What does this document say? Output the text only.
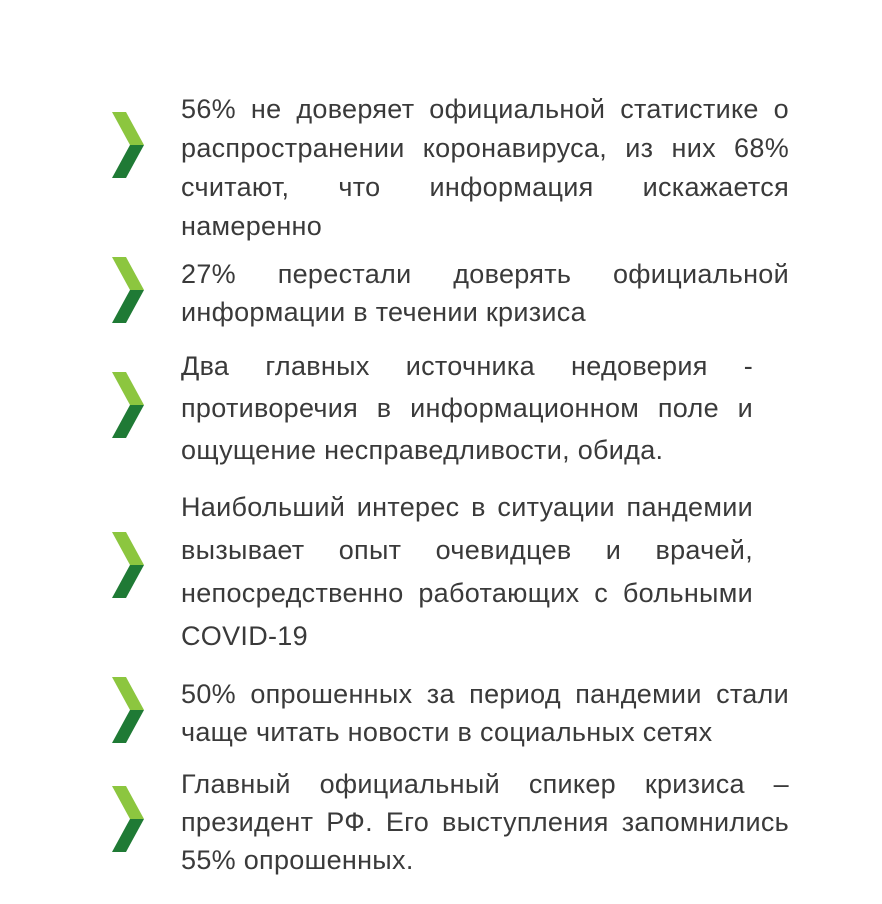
56% не доверяет официальной статистике о распространении коронавируса, из них 68% считают, что информация искажается намеренно

27% перестали доверять официальной информации в течении кризиса

Два главных источника недоверия - противоречия в информационном поле и ощущение несправедливости, обида.

Наибольший интерес в ситуации пандемии вызывает опыт очевидцев и врачей, непосредственно работающих с больными COVID-19

50% опрошенных за период пандемии стали чаще читать новости в социальных сетях

Главный официальный спикер кризиса – президент РФ. Его выступления запомнились 55% опрошенных.
